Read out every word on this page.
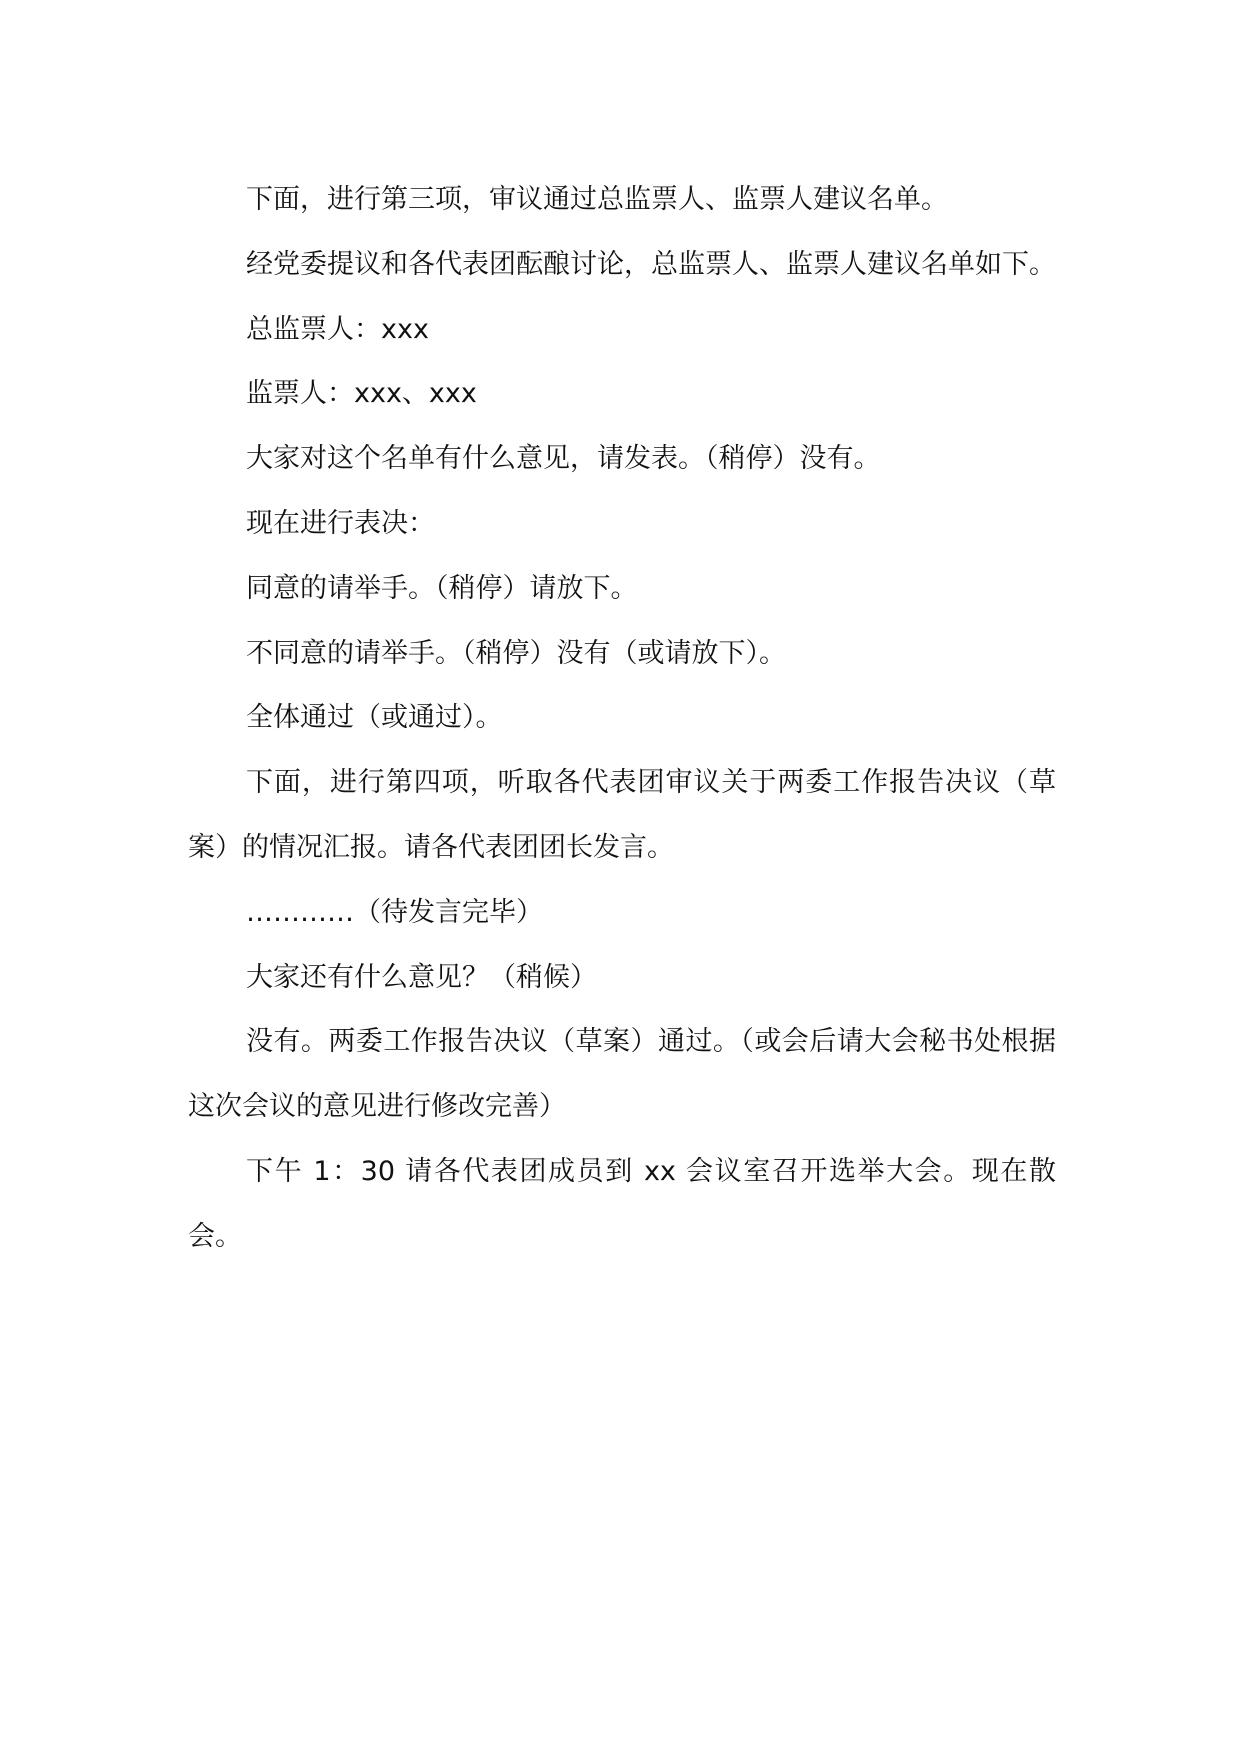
下面，进行第三项，审议通过总监票人、监票人建议名单。

经党委提议和各代表团酝酿讨论，总监票人、监票人建议名单如下。

总监票人：xxx

监票人：xxx、xxx

大家对这个名单有什么意见，请发表。（稍停）没有。

现在进行表决：

同意的请举手。（稍停）请放下。

不同意的请举手。（稍停）没有（或请放下）。

全体通过（或通过）。

下面，进行第四项，听取各代表团审议关于两委工作报告决议（草案）的情况汇报。请各代表团团长发言。

…………（待发言完毕）

大家还有什么意见？（稍候）

没有。两委工作报告决议（草案）通过。（或会后请大会秘书处根据这次会议的意见进行修改完善）

下午 1：30 请各代表团成员到 xx 会议室召开选举大会。现在散会。
